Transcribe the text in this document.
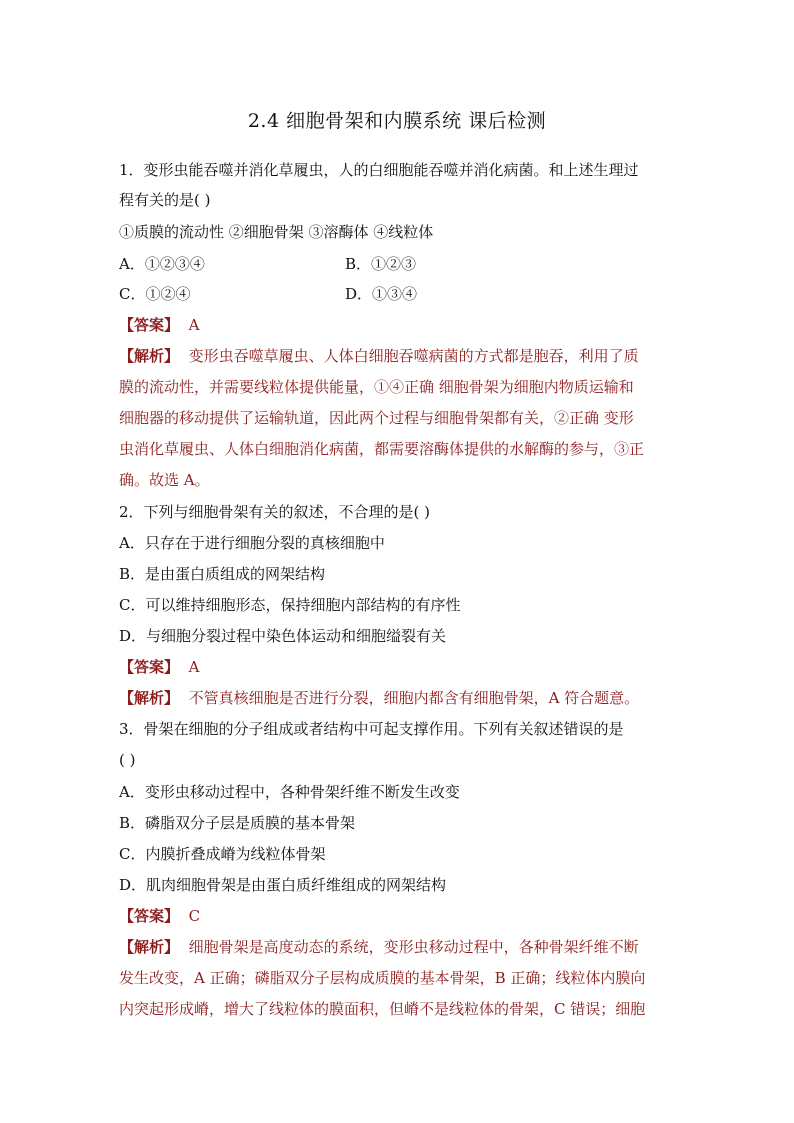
2.4 细胞骨架和内膜系统 课后检测
1．变形虫能吞噬并消化草履虫，人的白细胞能吞噬并消化病菌。和上述生理过
程有关的是( )
①质膜的流动性 ②细胞骨架 ③溶酶体 ④线粒体
A．①②③④	B．①②③
C．①②④	D．①③④
【答案】 A
【解析】 变形虫吞噬草履虫、人体白细胞吞噬病菌的方式都是胞吞，利用了质
膜的流动性，并需要线粒体提供能量，①④正确 细胞骨架为细胞内物质运输和
细胞器的移动提供了运输轨道，因此两个过程与细胞骨架都有关，②正确 变形
虫消化草履虫、人体白细胞消化病菌，都需要溶酶体提供的水解酶的参与，③正
确。故选 A。
2．下列与细胞骨架有关的叙述，不合理的是( )
A．只存在于进行细胞分裂的真核细胞中
B．是由蛋白质组成的网架结构
C．可以维持细胞形态，保持细胞内部结构的有序性
D．与细胞分裂过程中染色体运动和细胞缢裂有关
【答案】 A
【解析】 不管真核细胞是否进行分裂，细胞内都含有细胞骨架，A 符合题意。
3．骨架在细胞的分子组成或者结构中可起支撑作用。下列有关叙述错误的是
( )
A．变形虫移动过程中，各种骨架纤维不断发生改变
B．磷脂双分子层是质膜的基本骨架
C．内膜折叠成嵴为线粒体骨架
D．肌肉细胞骨架是由蛋白质纤维组成的网架结构
【答案】 C
【解析】 细胞骨架是高度动态的系统，变形虫移动过程中，各种骨架纤维不断
发生改变，A 正确；磷脂双分子层构成质膜的基本骨架，B 正确；线粒体内膜向
内突起形成嵴，增大了线粒体的膜面积，但嵴不是线粒体的骨架，C 错误；细胞
